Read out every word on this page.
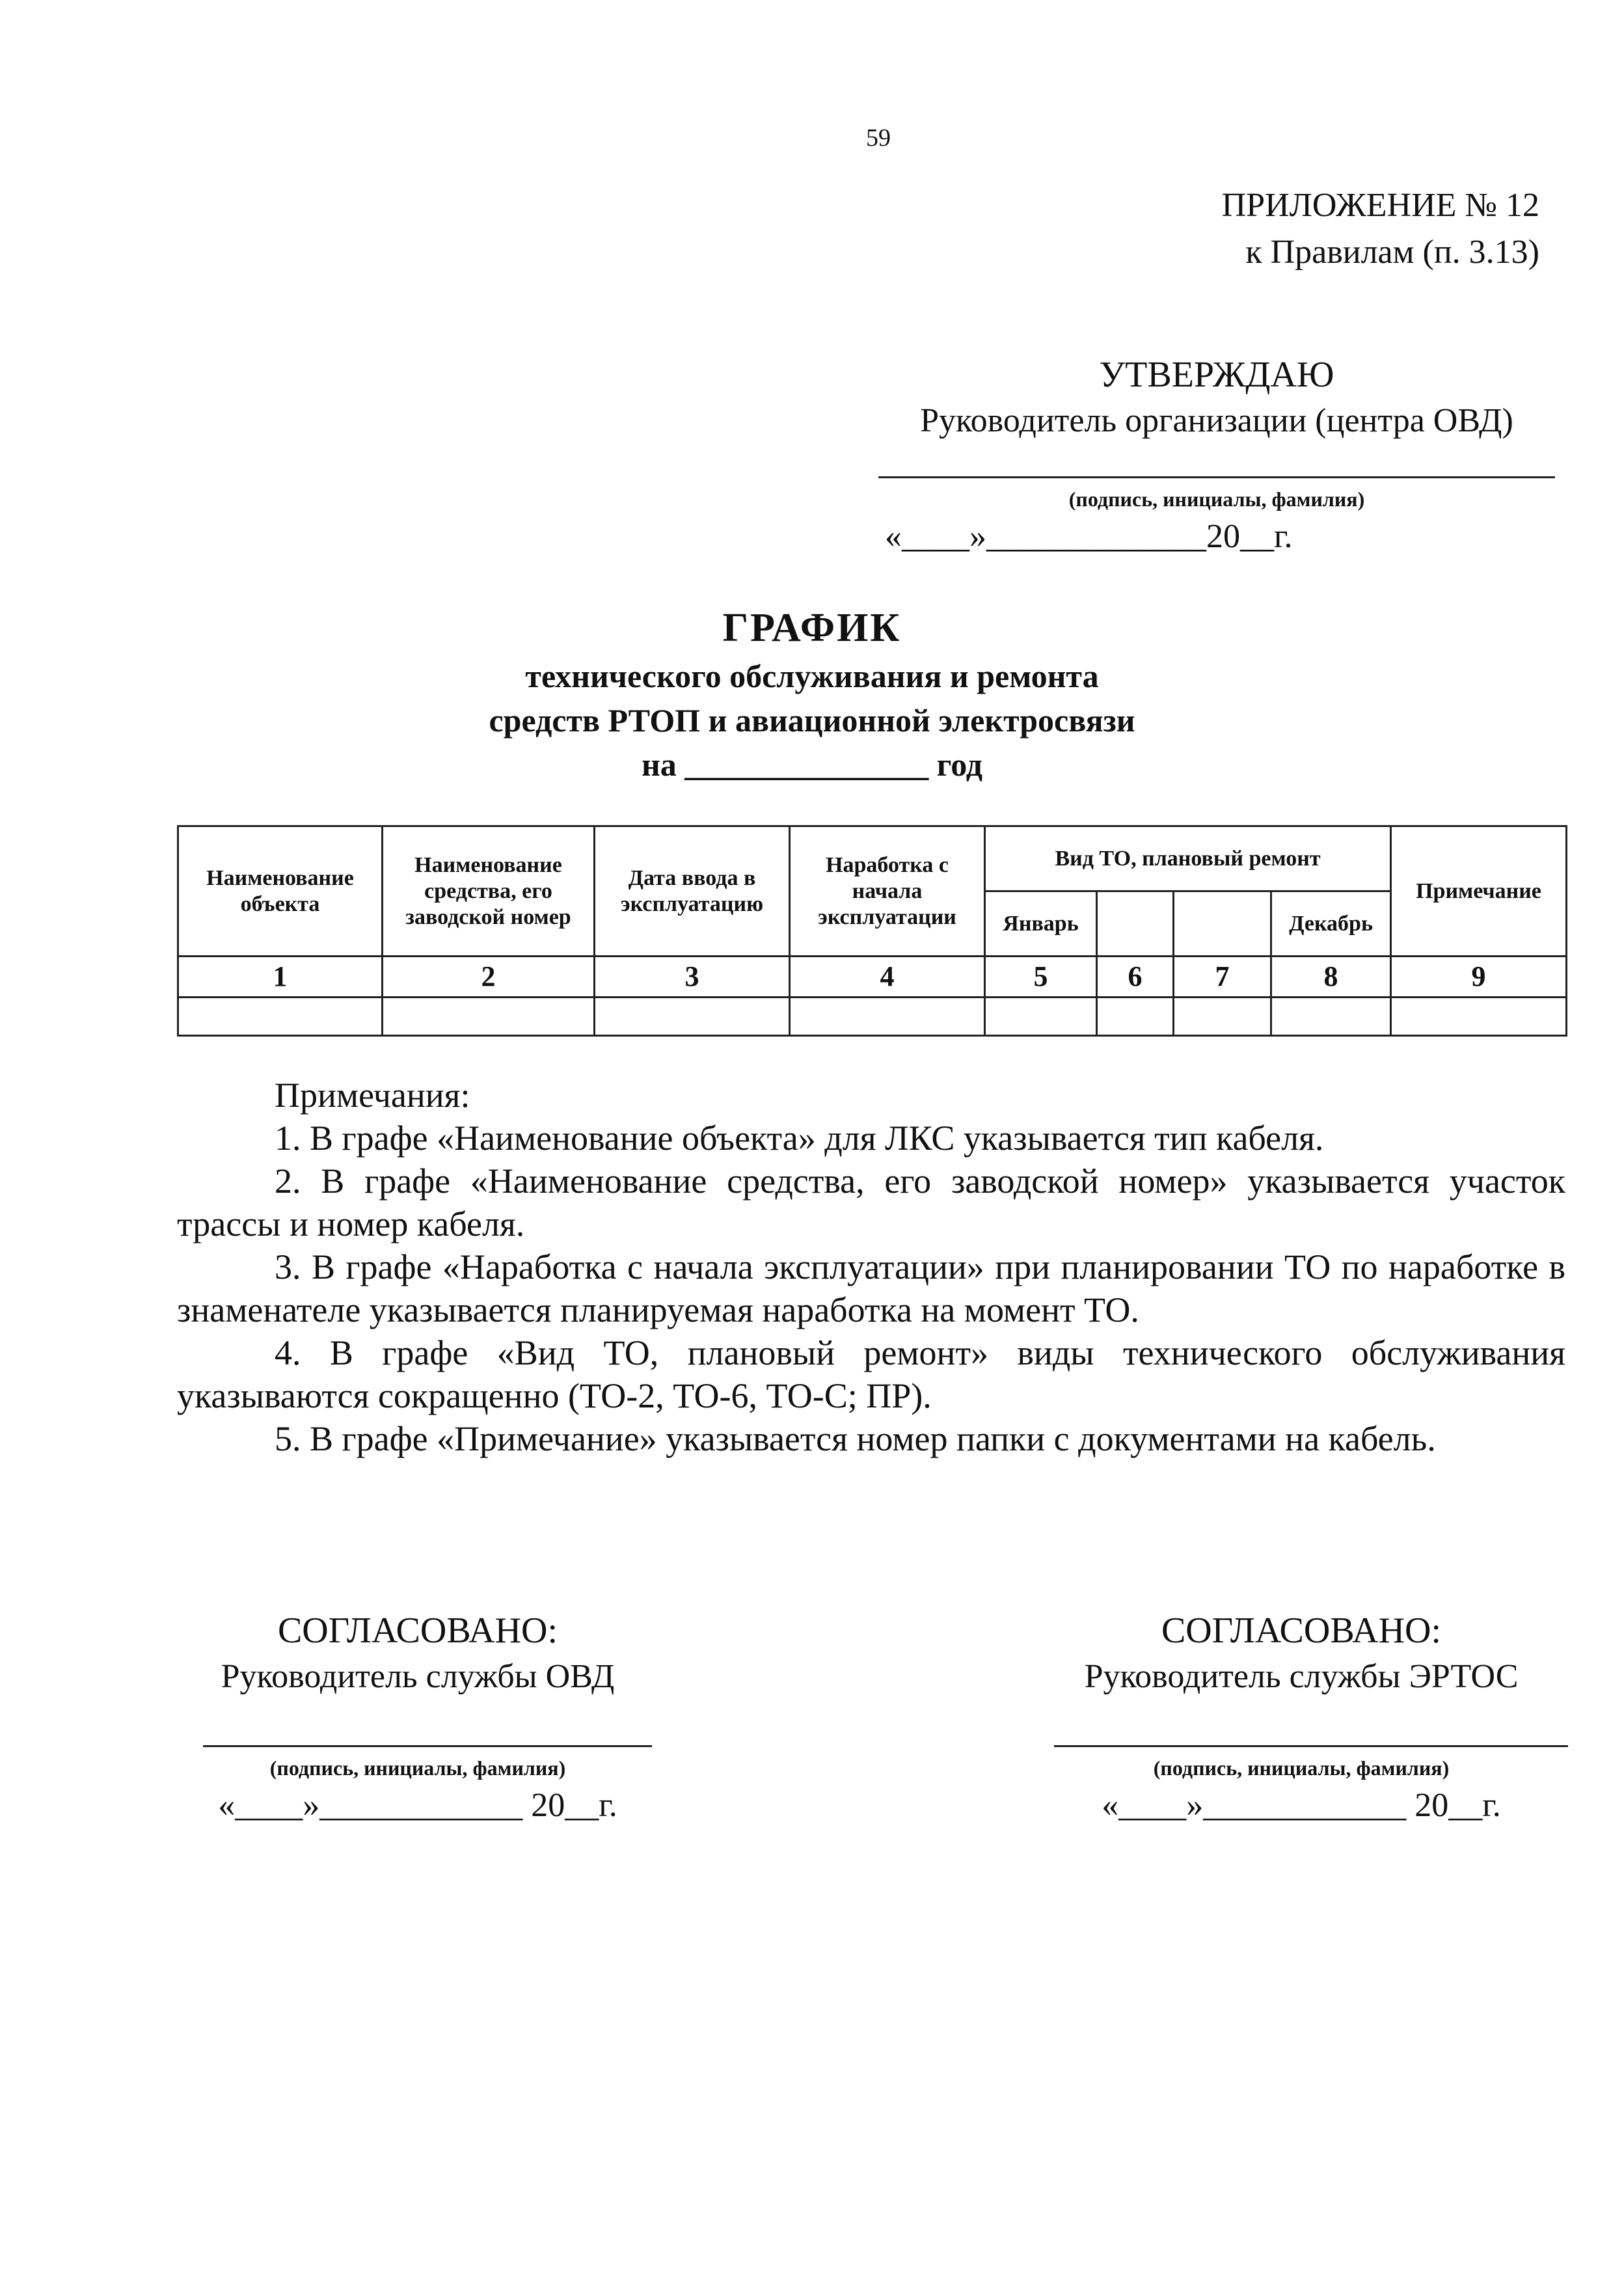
59
ПРИЛОЖЕНИЕ № 12
к Правилам (п. 3.13)
УТВЕРЖДАЮ
Руководитель организации (центра ОВД)
(подпись, инициалы, фамилия)
«____»_____________20__г.
ГРАФИК
технического обслуживания и ремонта
средств РТОП и авиационной электросвязи
на _______________ год
Наименование объекта	Наименование средства, его заводской номер	Дата ввода в эксплуатацию	Наработка с начала эксплуатации	Вид ТО, плановый ремонт				Примечание
				Январь			Декабрь	
1	2	3	4	5	6	7	8	9

Примечания:

1. В графе «Наименование объекта» для ЛКС указывается тип кабеля.

2. В графе «Наименование средства, его заводской номер» указывается участок трассы и номер кабеля.

3. В графе «Наработка с начала эксплуатации» при планировании ТО по наработке в знаменателе указывается планируемая наработка на момент ТО.

4. В графе «Вид ТО, плановый ремонт» виды технического обслуживания указываются сокращенно (ТО-2, ТО-6, ТО-С; ПР).

5. В графе «Примечание» указывается номер папки с документами на кабель.

СОГЛАСОВАНО:
Руководитель службы ОВД
(подпись, инициалы, фамилия)
«____»____________ 20__г.
СОГЛАСОВАНО:
Руководитель службы ЭРТОС
(подпись, инициалы, фамилия)
«____»____________ 20__г.
